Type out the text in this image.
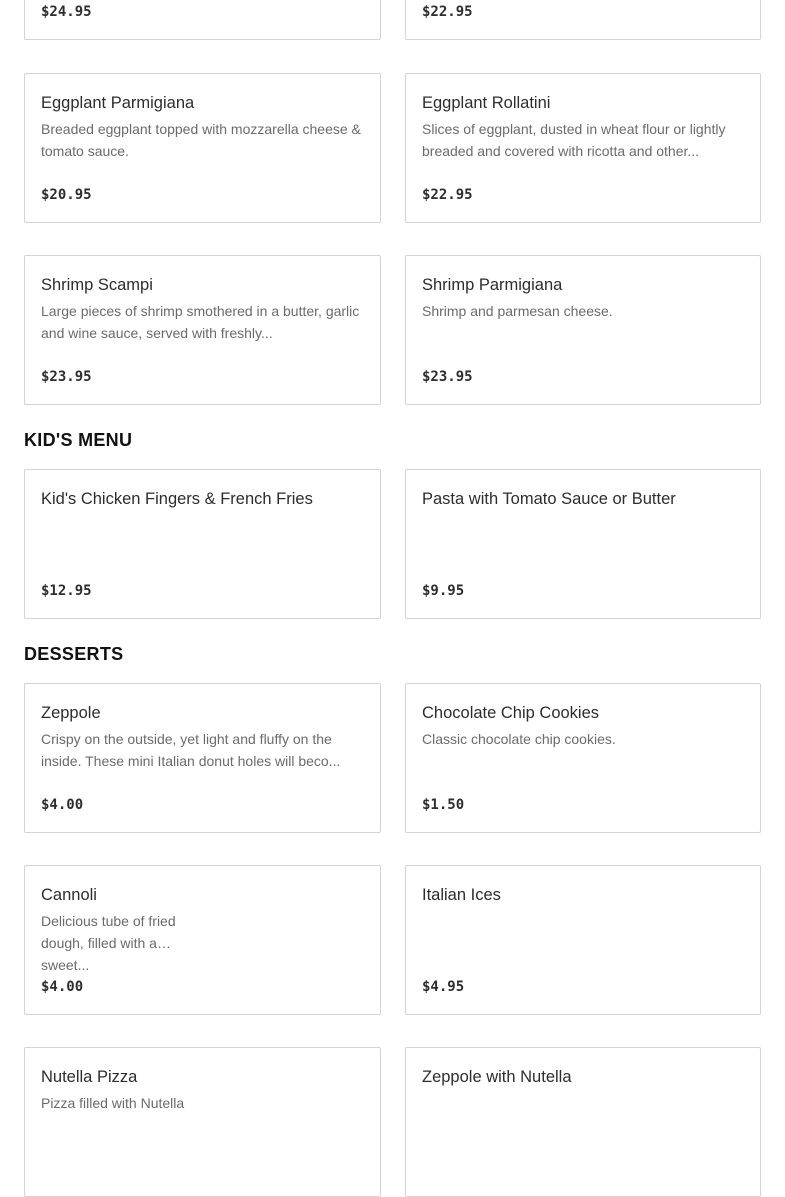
$24.95	$22.95
Eggplant Parmigiana
Breaded eggplant topped with mozzarella cheese & tomato sauce.
$20.95
Eggplant Rollatini
Slices of eggplant, dusted in wheat flour or lightly breaded and covered with ricotta and other...
$22.95
Shrimp Scampi
Large pieces of shrimp smothered in a butter, garlic and wine sauce, served with freshly...
$23.95
Shrimp Parmigiana
Shrimp and parmesan cheese.
$23.95
KID'S MENU
Kid's Chicken Fingers & French Fries
$12.95
Pasta with Tomato Sauce or Butter
$9.95
DESSERTS
Zeppole
Crispy on the outside, yet light and fluffy on the inside. These mini Italian donut holes will beco...
$4.00
Chocolate Chip Cookies
Classic chocolate chip cookies.
$1.50
Cannoli
Delicious tube of fried dough, filled with a sweet...
$4.00
Italian Ices
$4.95
Nutella Pizza
Pizza filled with Nutella
Zeppole with Nutella
